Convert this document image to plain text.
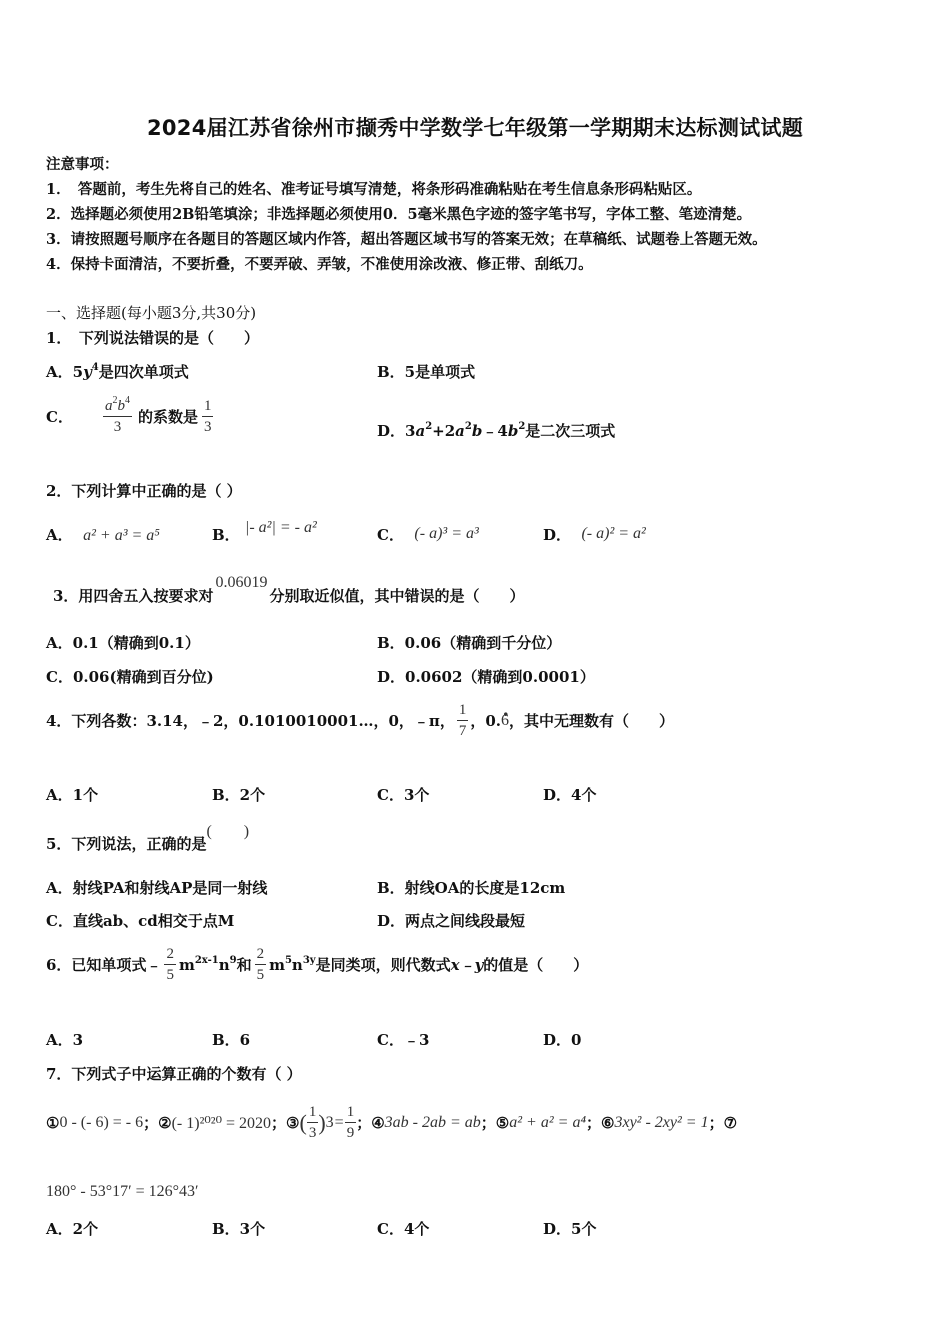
2024届江苏省徐州市撷秀中学数学七年级第一学期期末达标测试试题
注意事项：
1．　答题前，考生先将自己的姓名、准考证号填写清楚，将条形码准确粘贴在考生信息条形码粘贴区。
2．选择题必须使用2B铅笔填涂；非选择题必须使用0．5毫米黑色字迹的签字笔书写，字体工整、笔迹清楚。
3．请按照题号顺序在各题目的答题区域内作答，超出答题区域书写的答案无效；在草稿纸、试题卷上答题无效。
4．保持卡面清洁，不要折叠，不要弄破、弄皱，不准使用涂改液、修正带、刮纸刀。
一、选择题(每小题3分,共30分)
1．　下列说法错误的是（　　）
A．$5y^4$是四次单项式	B．5是单项式
C． $\frac{a^2b^4}{3}$ 的系数是 $\frac{1}{3}$	D．$3a^2+2a^2b﹣4b^2$是二次三项式
2．下列计算中正确的是（ ）
A． a² + a³ = a⁵	B． |- a²| = - a²	C． (- a)³ = a³	D． (- a)² = a²
3．用四舍五入按要求对0.06019分别取近似值，其中错误的是（　　）
A．0.1（精确到0.1）	B．0.06（精确到千分位）
C．0.06(精确到百分位)	D．0.0602（精确到0.0001）
4．下列各数：3.14，﹣2，0.1010010001…，0，﹣π， $\frac{1}{7}$ ，0.
. 6 ，其中无理数有（　　）
A．1个	B．2个	C．3个	D．4个
5．下列说法，正确的是(　　)
A．射线PA和射线AP是同一射线	B．射线OA的长度是12cm
C．直线ab、cd相交于点M	D．两点之间线段最短
6．已知单项式﹣ $\frac{2}{5} m^{2x-1}n^9$ 和 $\frac{2}{5} m^5n^{3y}$ 是同类项，则代数式 x﹣y 的值是（　　）
A．3	B．6	C．﹣3	D．0
7．下列式子中运算正确的个数有（ ）
① 0 - (- 6) = - 6 ； ② (- 1)²⁰²⁰ = 2020 ； ③ ( $\frac{1}{3}$ ) $3 = \frac{1}{9}$ ； ④ 3ab - 2ab = ab ； ⑤ a² + a² = a⁴ ； ⑥ 3xy² - 2xy² = 1 ； ⑦
180° - 53°17′ = 126°43′
A．2个	B．3个	C．4个	D．5个
